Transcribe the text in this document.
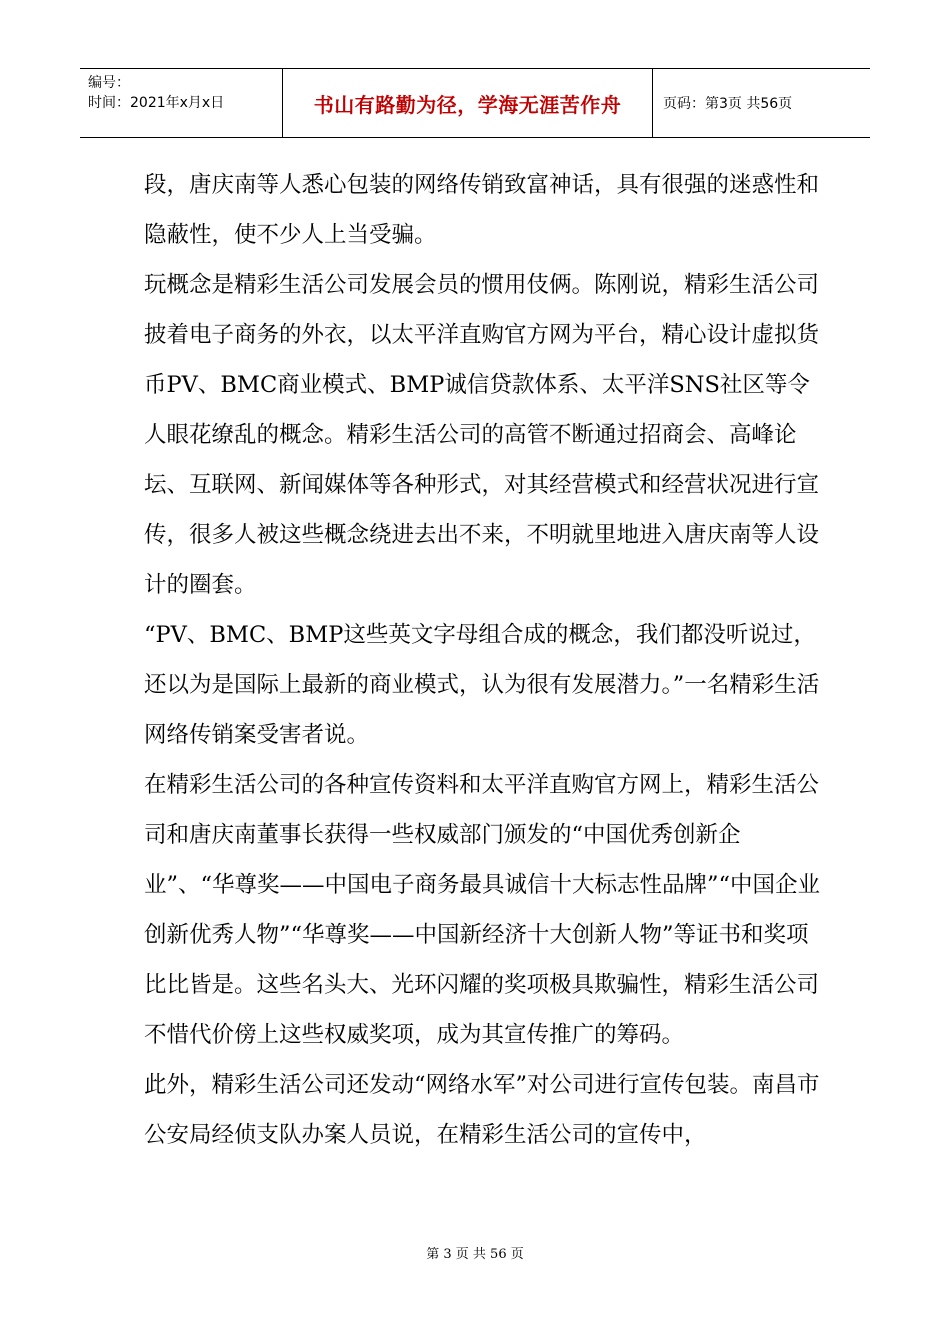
编号：
时间：2021年x月x日	书山有路勤为径，学海无涯苦作舟	页码：第3页 共56页

段，唐庆南等人悉心包装的网络传销致富神话，具有很强的迷惑性和隐蔽性，使不少人上当受骗。

玩概念是精彩生活公司发展会员的惯用伎俩。陈刚说，精彩生活公司披着电子商务的外衣，以太平洋直购官方网为平台，精心设计虚拟货币PV、BMC商业模式、BMP诚信贷款体系、太平洋SNS社区等令人眼花缭乱的概念。精彩生活公司的高管不断通过招商会、高峰论坛、互联网、新闻媒体等各种形式，对其经营模式和经营状况进行宣传，很多人被这些概念绕进去出不来，不明就里地进入唐庆南等人设计的圈套。

“PV、BMC、BMP这些英文字母组合成的概念，我们都没听说过，还以为是国际上最新的商业模式，认为很有发展潜力。”一名精彩生活网络传销案受害者说。

在精彩生活公司的各种宣传资料和太平洋直购官方网上，精彩生活公司和唐庆南董事长获得一些权威部门颁发的“中国优秀创新企业”、“华尊奖——中国电子商务最具诚信十大标志性品牌”“中国企业创新优秀人物”“华尊奖——中国新经济十大创新人物”等证书和奖项比比皆是。这些名头大、光环闪耀的奖项极具欺骗性，精彩生活公司不惜代价傍上这些权威奖项，成为其宣传推广的筹码。

此外，精彩生活公司还发动“网络水军”对公司进行宣传包装。南昌市公安局经侦支队办案人员说，在精彩生活公司的宣传中，

第 3 页 共 56 页
